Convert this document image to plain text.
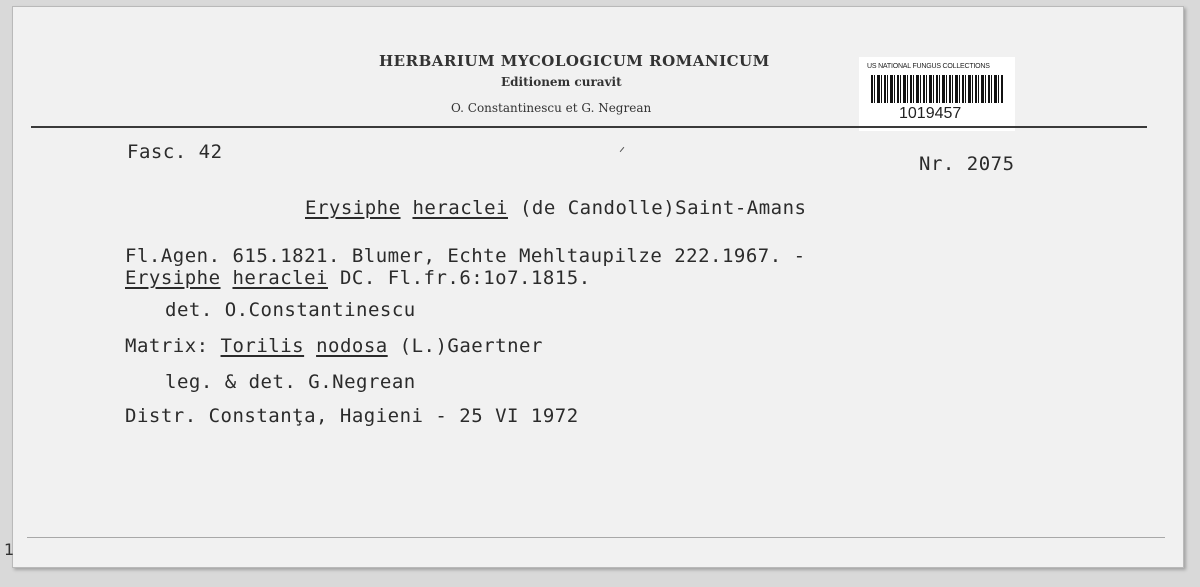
HERBARIUM MYCOLOGICUM ROMANICUM
Editionem curavit
O. Constantinescu et G. Negrean
US NATIONAL FUNGUS COLLECTIONS
1019457
Fasc. 42
Nr. 2075
Erysiphe heraclei (de Candolle)Saint-Amans
Fl.Agen. 615.1821. Blumer, Echte Mehltaupilze 222.1967. -
Erysiphe heraclei DC. Fl.fr.6:1o7.1815.
det. O.Constantinescu
Matrix: Torilis nodosa (L.)Gaertner
leg. & det. G.Negrean
Distr. Constanţa, Hagieni - 25 VI 1972
1
